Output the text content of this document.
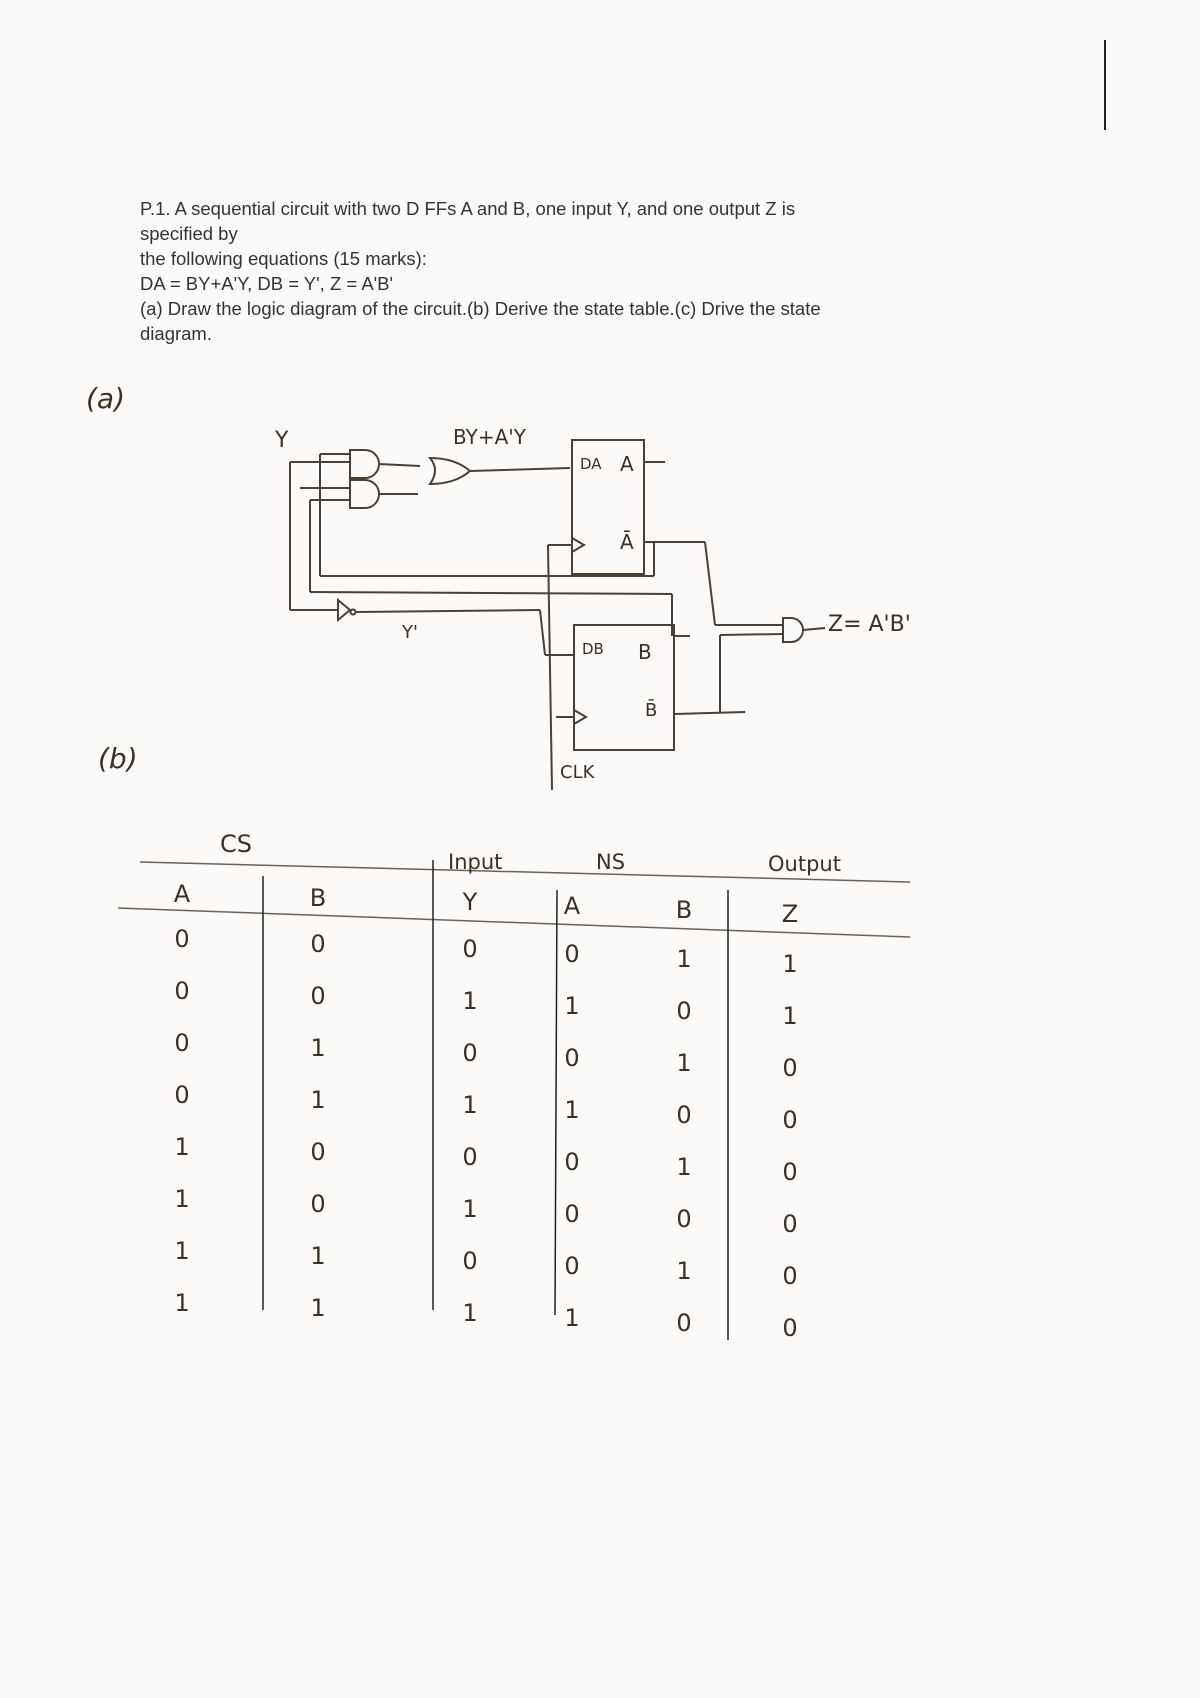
P.1. A sequential circuit with two D FFs A and B, one input Y, and one output Z is
specified by
the following equations (15 marks):
DA = BY+A'Y, DB = Y', Z = A'B'
(a) Draw the logic diagram of the circuit.(b) Derive the state table.(c) Drive the state
diagram.
(a)
(b)
BY+A'Y
Y
Y'
DA A
Ā
DB B
B̄
CLK
Z= A'B'
CS
Input	NS	Output
A	B	Y	A	B	Z
0	0	0	0	1	1
0	0	1	1	0	1
0	1	0	0	1	0
0	1	1	1	0	0
1	0	0	0	1	0
1	0	1	0	0	0
1	1	0	0	1	0
1	1	1	1	0	0
